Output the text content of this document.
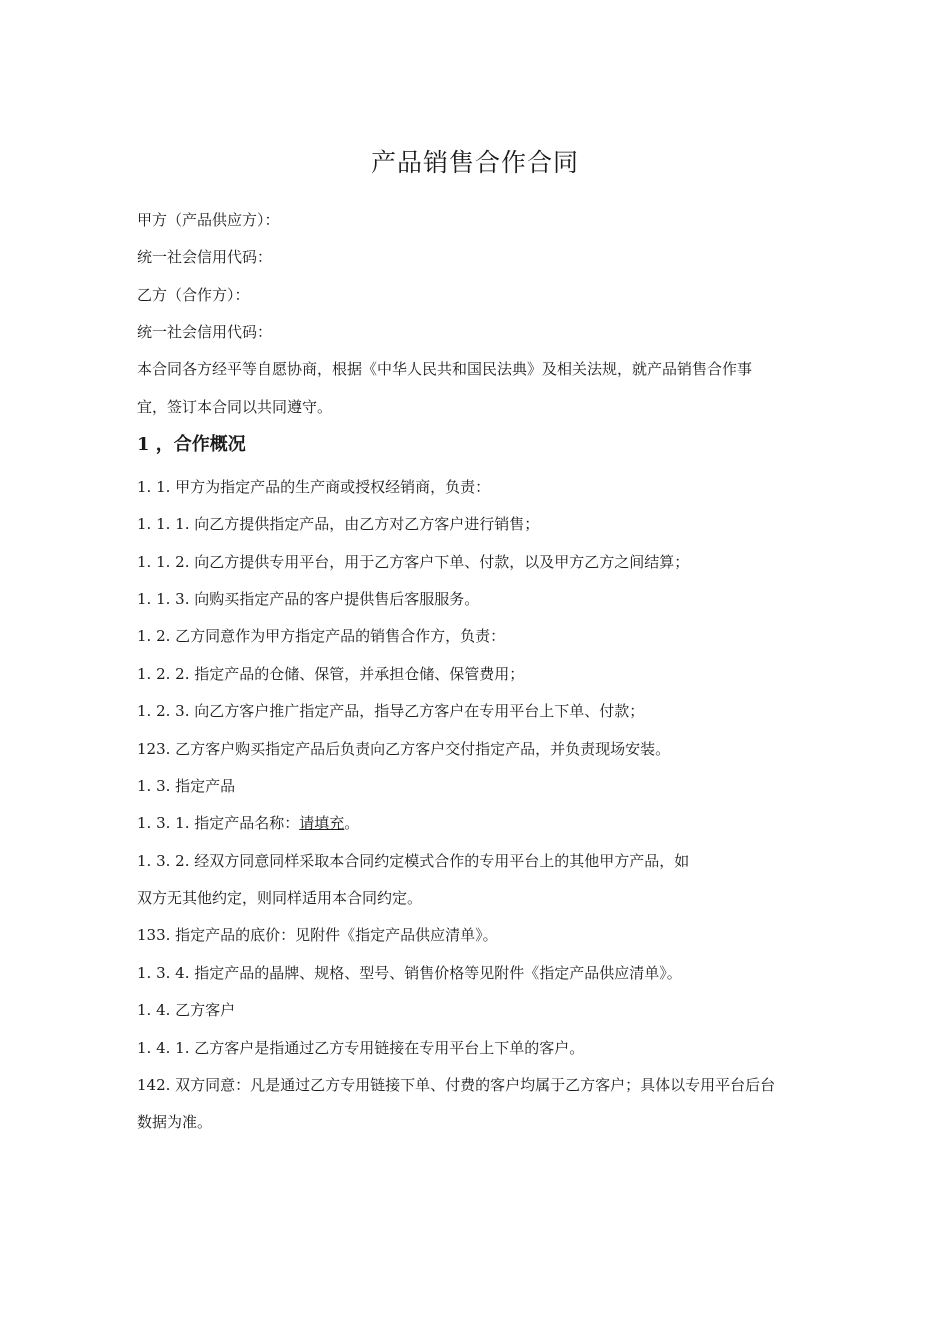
产品销售合作合同

甲方（产品供应方）：

统一社会信用代码：

乙方（合作方）：

统一社会信用代码：

本合同各方经平等自愿协商，根据《中华人民共和国民法典》及相关法规，就产品销售合作事

宜，签订本合同以共同遵守。

1 ，合作概况

1. 1. 甲方为指定产品的生产商或授权经销商，负责：

1. 1. 1. 向乙方提供指定产品，由乙方对乙方客户进行销售；

1. 1. 2. 向乙方提供专用平台，用于乙方客户下单、付款，以及甲方乙方之间结算；

1. 1. 3. 向购买指定产品的客户提供售后客服服务。

1. 2. 乙方同意作为甲方指定产品的销售合作方，负责：

1. 2. 2. 指定产品的仓储、保管，并承担仓储、保管费用；

1. 2. 3. 向乙方客户推广指定产品，指导乙方客户在专用平台上下单、付款；

123. 乙方客户购买指定产品后负责向乙方客户交付指定产品，并负责现场安装。

1. 3. 指定产品

1. 3. 1. 指定产品名称：请填充。

1. 3. 2. 经双方同意同样采取本合同约定模式合作的专用平台上的其他甲方产品，如

双方无其他约定，则同样适用本合同约定。

133. 指定产品的底价：见附件《指定产品供应清单》。

1. 3. 4. 指定产品的晶牌、规格、型号、销售价格等见附件《指定产品供应清单》。

1. 4. 乙方客户

1. 4. 1. 乙方客户是指通过乙方专用链接在专用平台上下单的客户。

142. 双方同意：凡是通过乙方专用链接下单、付费的客户均属于乙方客户；具体以专用平台后台

数据为准。
